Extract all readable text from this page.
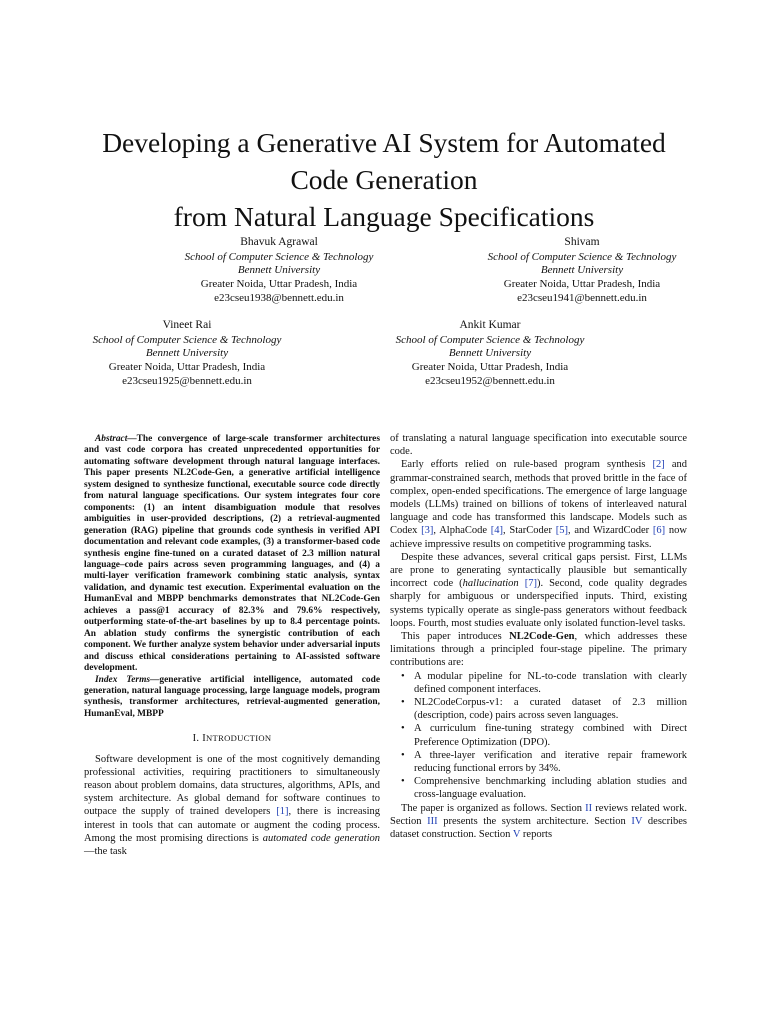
Developing a Generative AI System for Automated
Code Generation
from Natural Language Specifications
Bhavuk Agrawal
School of Computer Science & Technology
Bennett University
Greater Noida, Uttar Pradesh, India
e23cseu1938@bennett.edu.in
Shivam
School of Computer Science & Technology
Bennett University
Greater Noida, Uttar Pradesh, India
e23cseu1941@bennett.edu.in
Vineet Rai
School of Computer Science & Technology
Bennett University
Greater Noida, Uttar Pradesh, India
e23cseu1925@bennett.edu.in
Ankit Kumar
School of Computer Science & Technology
Bennett University
Greater Noida, Uttar Pradesh, India
e23cseu1952@bennett.edu.in

Abstract—The convergence of large-scale transformer architectures and vast code corpora has created unprecedented opportunities for automating software development through natural language interfaces. This paper presents NL2Code-Gen, a generative artificial intelligence system designed to synthesize functional, executable source code directly from natural language specifications. Our system integrates four core components: (1) an intent disambiguation module that resolves ambiguities in user-provided descriptions, (2) a retrieval-augmented generation (RAG) pipeline that grounds code synthesis in verified API documentation and relevant code examples, (3) a transformer-based code synthesis engine fine-tuned on a curated dataset of 2.3 million natural language–code pairs across seven programming languages, and (4) a multi-layer verification framework combining static analysis, syntax validation, and dynamic test execution. Experimental evaluation on the HumanEval and MBPP benchmarks demonstrates that NL2Code-Gen achieves a pass@1 accuracy of 82.3% and 79.6% respectively, outperforming state-of-the-art baselines by up to 8.4 percentage points. An ablation study confirms the synergistic contribution of each component. We further analyze system behavior under adversarial inputs and discuss ethical considerations pertaining to AI-assisted software development.

Index Terms—generative artificial intelligence, automated code generation, natural language processing, large language models, program synthesis, transformer architectures, retrieval-augmented generation, HumanEval, MBPP

I. INTRODUCTION

Software development is one of the most cognitively demanding professional activities, requiring practitioners to simultaneously reason about problem domains, data structures, algorithms, APIs, and system architecture. As global demand for software continues to outpace the supply of trained developers [1], there is increasing interest in tools that can automate or augment the coding process. Among the most promising directions is automated code generation—the task

of translating a natural language specification into executable source code.

Early efforts relied on rule-based program synthesis [2] and grammar-constrained search, methods that proved brittle in the face of complex, open-ended specifications. The emergence of large language models (LLMs) trained on billions of tokens of interleaved natural language and code has transformed this landscape. Models such as Codex [3], AlphaCode [4], StarCoder [5], and WizardCoder [6] now achieve impressive results on competitive programming tasks.

Despite these advances, several critical gaps persist. First, LLMs are prone to generating syntactically plausible but semantically incorrect code (hallucination [7]). Second, code quality degrades sharply for ambiguous or underspecified inputs. Third, existing systems typically operate as single-pass generators without feedback loops. Fourth, most studies evaluate only isolated function-level tasks.

This paper introduces NL2Code-Gen, which addresses these limitations through a principled four-stage pipeline. The primary contributions are:

• A modular pipeline for NL-to-code translation with clearly defined component interfaces.
• NL2CodeCorpus-v1: a curated dataset of 2.3 million (description, code) pairs across seven languages.
• A curriculum fine-tuning strategy combined with Direct Preference Optimization (DPO).
• A three-layer verification and iterative repair framework reducing functional errors by 34%.
• Comprehensive benchmarking including ablation studies and cross-language evaluation.

The paper is organized as follows. Section II reviews related work. Section III presents the system architecture. Section IV describes dataset construction. Section V reports
